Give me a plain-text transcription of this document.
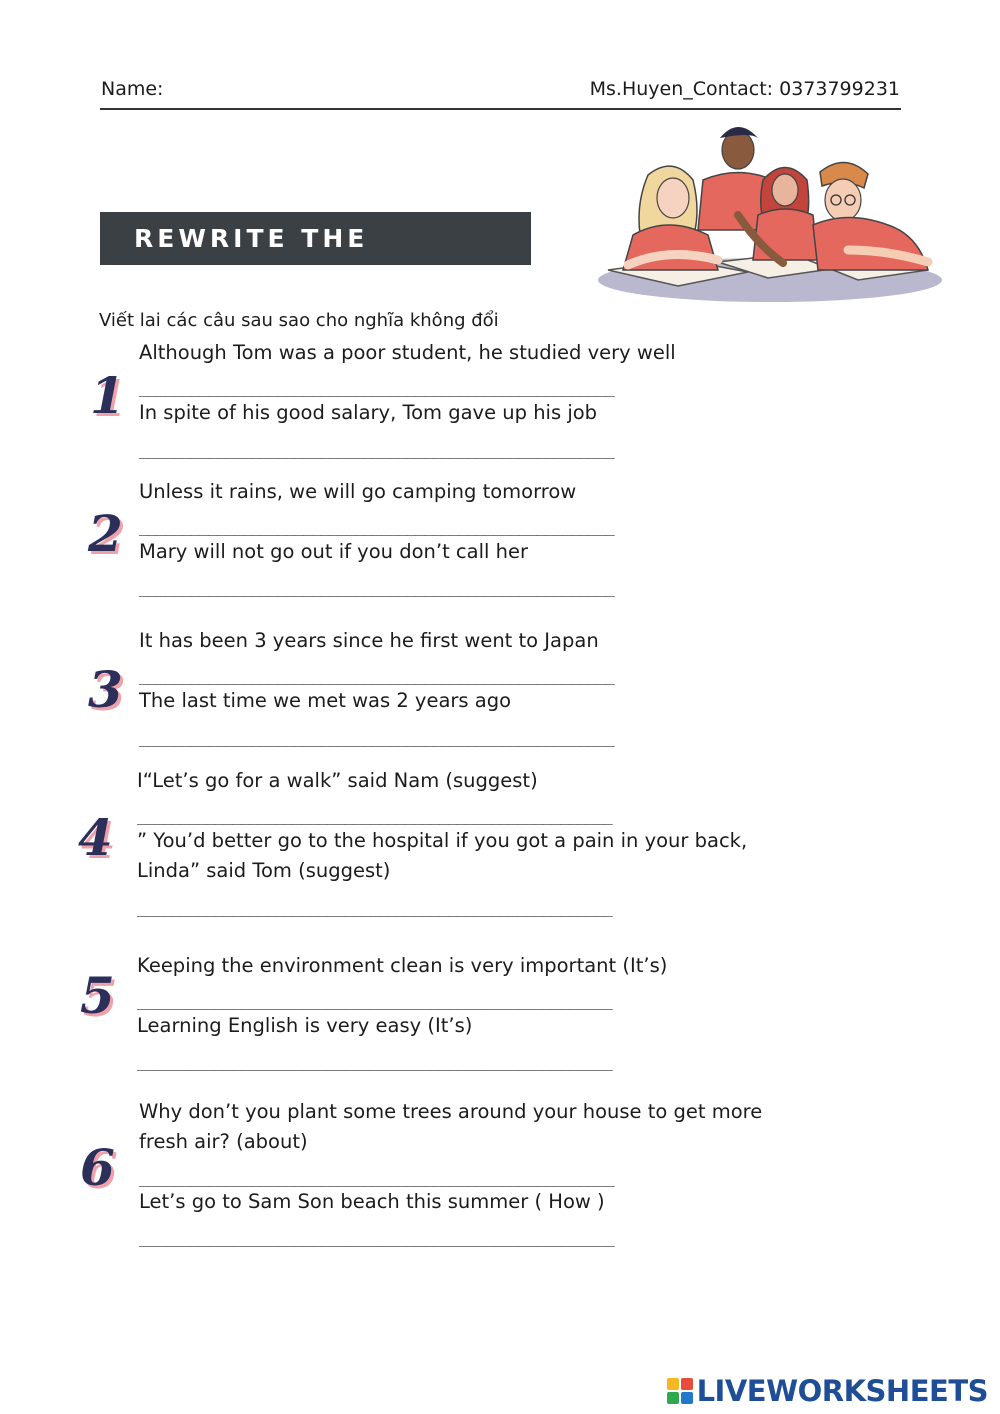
Name:	Ms.Huyen_Contact: 0373799231
REWRITE THE SENTENCES
Viết lai các câu sau sao cho nghĩa không đổi
1
Although Tom was a poor student, he studied very well
_______________________________________________________
In spite of his good salary, Tom gave up his job
_______________________________________________________
2
Unless it rains, we will go camping tomorrow
_______________________________________________________
Mary will not go out if you don’t call her
_______________________________________________________
3
It has been 3 years since he first went to Japan
_______________________________________________________
The last time we met was 2 years ago
_______________________________________________________
4
I“Let’s go for a walk” said Nam (suggest)
_______________________________________________________
” You’d better go to the hospital if you got a pain in your back, Linda” said Tom (suggest)
_______________________________________________________
5
Keeping the environment clean is very important (It’s)
_______________________________________________________
Learning English is very easy (It’s)
_______________________________________________________
6
Why don’t you plant some trees around your house to get more fresh air? (about)
_______________________________________________________
Let’s go to Sam Son beach this summer ( How )
_______________________________________________________
LIVEWORKSHEETS
